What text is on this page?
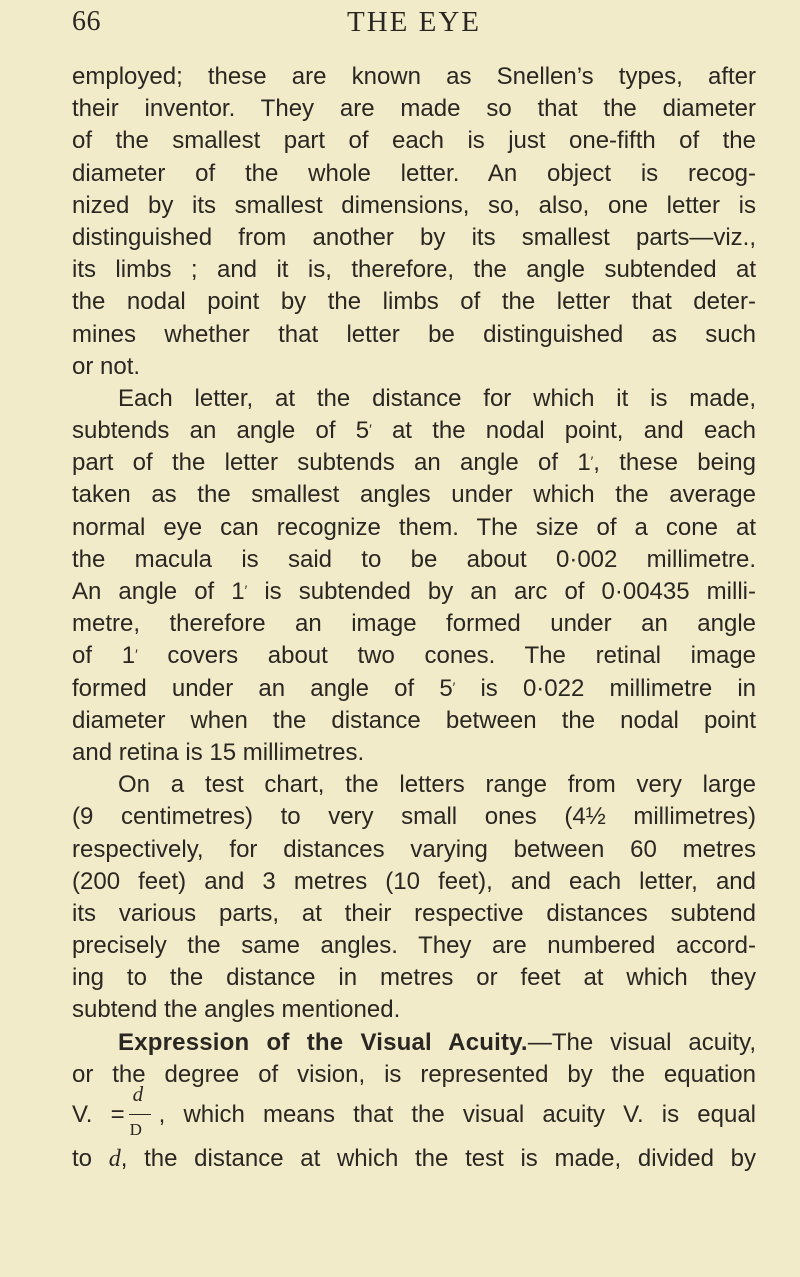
66	THE EYE
employed; these are known as Snellen’s types, after
their inventor. They are made so that the diameter
of the smallest part of each is just one-fifth of the
diameter of the whole letter. An object is recog-
nized by its smallest dimensions, so, also, one letter is
distinguished from another by its smallest parts—viz.,
its limbs ; and it is, therefore, the angle subtended at
the nodal point by the limbs of the letter that deter-
mines whether that letter be distinguished as such
or not.
Each letter, at the distance for which it is made,
subtends an angle of 5′ at the nodal point, and each
part of the letter subtends an angle of 1′, these being
taken as the smallest angles under which the average
normal eye can recognize them. The size of a cone at
the macula is said to be about 0·002 millimetre.
An angle of 1′ is subtended by an arc of 0·00435 milli-
metre, therefore an image formed under an angle
of 1′ covers about two cones. The retinal image
formed under an angle of 5′ is 0·022 millimetre in
diameter when the distance between the nodal point
and retina is 15 millimetres.
On a test chart, the letters range from very large
(9 centimetres) to very small ones (4½ millimetres)
respectively, for distances varying between 60 metres
(200 feet) and 3 metres (10 feet), and each letter, and
its various parts, at their respective distances subtend
precisely the same angles. They are numbered accord-
ing to the distance in metres or feet at which they
subtend the angles mentioned.
Expression of the Visual Acuity.—The visual acuity,
or the degree of vision, is represented by the equation
V. = $\frac{d}{D}$ , which means that the visual acuity V. is equal
to d, the distance at which the test is made, divided by
